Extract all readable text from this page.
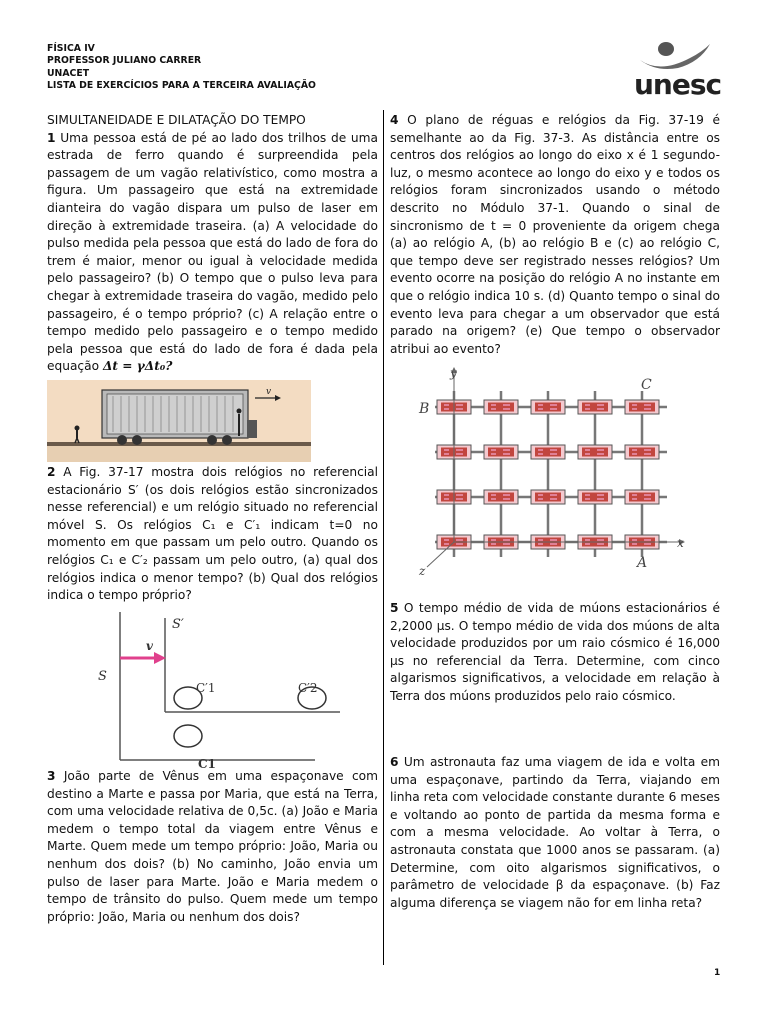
FÍSICA IV
PROFESSOR JULIANO CARRER
UNACET
LISTA DE EXERCÍCIOS PARA A TERCEIRA AVALIAÇÃO	unesc
SIMULTANEIDADE E DILATAÇÃO DO TEMPO
1 Uma pessoa está de pé ao lado dos trilhos de uma estrada de ferro quando é surpreendida pela passagem de um vagão relativístico, como mostra a figura. Um passageiro que está na extremidade dianteira do vagão dispara um pulso de laser em direção à extremidade traseira. (a) A velocidade do pulso medida pela pessoa que está do lado de fora do trem é maior, menor ou igual à velocidade medida pelo passageiro? (b) O tempo que o pulso leva para chegar à extremidade traseira do vagão, medido pelo passageiro, é o tempo próprio? (c) A relação entre o tempo medido pelo passageiro e o tempo medido pela pessoa que está do lado de fora é dada pela equação Δt = γΔt₀?
v
2 A Fig. 37-17 mostra dois relógios no referencial estacionário S′ (os dois relógios estão sincronizados nesse referencial) e um relógio situado no referencial móvel S. Os relógios C₁ e C′₁ indicam t=0 no momento em que passam um pelo outro. Quando os relógios C₁ e C′₂ passam um pelo outro, (a) qual dos relógios indica o menor tempo? (b) Qual dos relógios indica o tempo próprio?
S′
S
v
C′1	C′2
C1
3 João parte de Vênus em uma espaçonave com destino a Marte e passa por Maria, que está na Terra, com uma velocidade relativa de 0,5c. (a) João e Maria medem o tempo total da viagem entre Vênus e Marte. Quem mede um tempo próprio: João, Maria ou nenhum dos dois? (b) No caminho, João envia um pulso de laser para Marte. João e Maria medem o tempo de trânsito do pulso. Quem mede um tempo próprio: João, Maria ou nenhum dos dois?
4 O plano de réguas e relógios da Fig. 37-19 é semelhante ao da Fig. 37-3. As distância entre os centros dos relógios ao longo do eixo x é 1 segundo-luz, o mesmo acontece ao longo do eixo y e todos os relógios foram sincronizados usando o método descrito no Módulo 37-1. Quando o sinal de sincronismo de t = 0 proveniente da origem chega (a) ao relógio A, (b) ao relógio B e (c) ao relógio C, que tempo deve ser registrado nesses relógios? Um evento ocorre na posição do relógio A no instante em que o relógio indica 10 s. (d) Quanto tempo o sinal do evento leva para chegar a um observador que está parado na origem? (e) Que tempo o observador atribui ao evento?
y
x
z	A
B
C
5 O tempo médio de vida de múons estacionários é 2,2000 μs. O tempo médio de vida dos múons de alta velocidade produzidos por um raio cósmico é 16,000 μs no referencial da Terra. Determine, com cinco algarismos significativos, a velocidade em relação à Terra dos múons produzidos pelo raio cósmico.
6 Um astronauta faz uma viagem de ida e volta em uma espaçonave, partindo da Terra, viajando em linha reta com velocidade constante durante 6 meses e voltando ao ponto de partida da mesma forma e com a mesma velocidade. Ao voltar à Terra, o astronauta constata que 1000 anos se passaram. (a) Determine, com oito algarismos significativos, o parâmetro de velocidade β da espaçonave. (b) Faz alguma diferença se viagem não for em linha reta?
1
